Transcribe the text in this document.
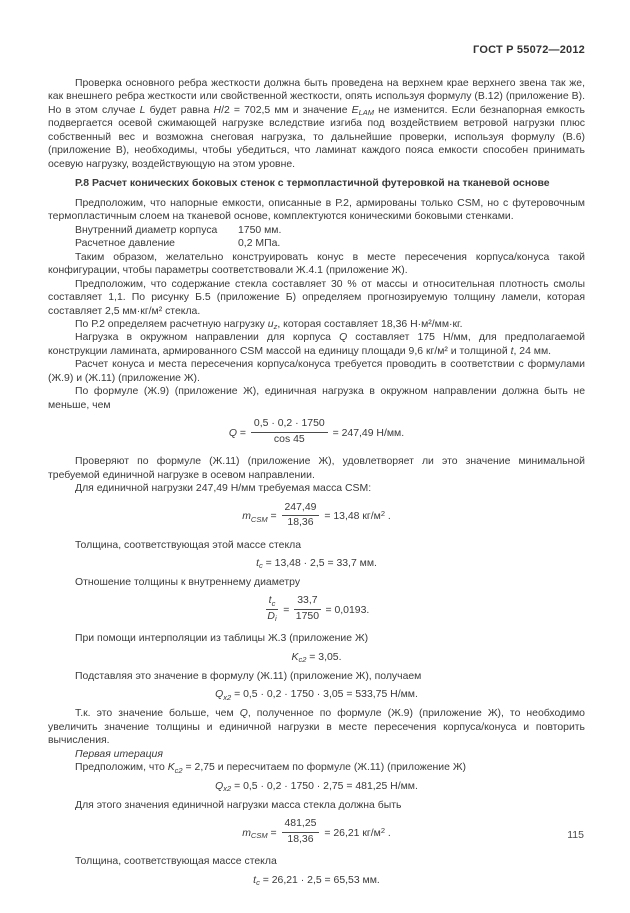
ГОСТ Р 55072—2012

Проверка основного ребра жесткости должна быть проведена на верхнем крае верхнего звена так же, как внешнего ребра жесткости или свойственной жесткости, опять используя формулу (В.12) (приложение В). Но в этом случае L будет равна H/2 = 702,5 мм и значение $E_{LAM}$ не изменится. Если безнапорная емкость подвергается осевой сжимающей нагрузке вследствие изгиба под воздействием ветровой нагрузки плюс собственный вес и возможна снеговая нагрузка, то дальнейшие проверки, используя формулу (В.6) (приложение В), необходимы, чтобы убедиться, что ламинат каждого пояса емкости способен принимать осевую нагрузку, воздействующую на этом уровне.

Р.8 Расчет конических боковых стенок с термопластичной футеровкой на тканевой основе

Предположим, что напорные емкости, описанные в Р.2, армированы только CSM, но с футеровочным термопластичным слоем на тканевой основе, комплектуются коническими боковыми стенками.

Внутренний диаметр корпуса 1750 мм.
Расчетное давление	0,2 МПа.

Таким образом, желательно конструировать конус в месте пересечения корпуса/конуса такой конфигурации, чтобы параметры соответствовали Ж.4.1 (приложение Ж).

Предположим, что содержание стекла составляет 30 % от массы и относительная плотность смолы составляет 1,1. По рисунку Б.5 (приложение Б) определяем прогнозируемую толщину ламели, которая составляет 2,5 мм·кг/м² стекла.

По Р.2 определяем расчетную нагрузку $u_z$, которая составляет 18,36 Н·м²/мм·кг.

Нагрузка в окружном направлении для корпуса Q составляет 175 Н/мм, для предполагаемой конструкции ламината, армированного CSM массой на единицу площади 9,6 кг/м² и толщиной t, 24 мм.

Расчет конуса и места пересечения корпуса/конуса требуется проводить в соответствии с формулами (Ж.9) и (Ж.11) (приложение Ж).

По формуле (Ж.9) (приложение Ж), единичная нагрузка в окружном направлении должна быть не меньше, чем

$Q = \frac{0,5 \cdot 0,2 \cdot 1750}{\cos 45} = 247,49$ Н/мм.

Проверяют по формуле (Ж.11) (приложение Ж), удовлетворяет ли это значение минимальной требуемой единичной нагрузке в осевом направлении.

Для единичной нагрузки 247,49 Н/мм требуемая масса CSM:

$m_{CSM} = \frac{247,49}{18,36} = 13,48$ $кг/м^2$ .

Толщина, соответствующая этой массе стекла

$t_c = 13,48 \cdot 2,5 = 33,7$ мм.

Отношение толщины к внутреннему диаметру

$\frac{t_c}{D_i} = \frac{33,7}{1750} = 0,0193$.

При помощи интерполяции из таблицы Ж.3 (приложение Ж)

$K_{c2} = 3,05$.

Подставляя это значение в формулу (Ж.11) (приложение Ж), получаем

$Q_{x2} = 0,5 \cdot 0,2 \cdot 1750 \cdot 3,05 = 533,75$ Н/мм.

Т.к. это значение больше, чем Q, полученное по формуле (Ж.9) (приложение Ж), то необходимо увеличить значение толщины и единичной нагрузки в месте пересечения корпуса/конуса и повторить вычисления.

Первая итерация

Предположим, что $K_{c2} = 2,75$ и пересчитаем по формуле (Ж.11) (приложение Ж)

$Q_{x2} = 0,5 \cdot 0,2 \cdot 1750 \cdot 2,75 = 481,25$ Н/мм.

Для этого значения единичной нагрузки масса стекла должна быть

$m_{CSM} = \frac{481,25}{18,36} = 26,21$ $кг/м^2$ .

Толщина, соответствующая массе стекла

$t_c = 26,21 \cdot 2,5 = 65,53$ мм.
115
